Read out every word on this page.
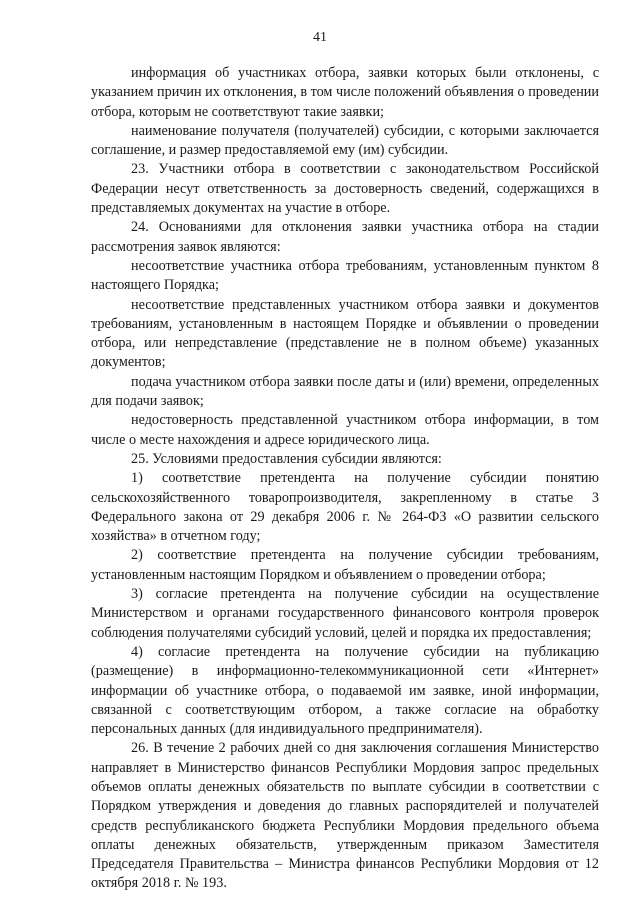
41

информация об участниках отбора, заявки которых были отклонены, с указанием причин их отклонения, в том числе положений объявления о проведении отбора, которым не соответствуют такие заявки;

наименование получателя (получателей) субсидии, с которыми заключается соглашение, и размер предоставляемой ему (им) субсидии.

23. Участники отбора в соответствии с законодательством Российской Федерации несут ответственность за достоверность сведений, содержащихся в представляемых документах на участие в отборе.

24. Основаниями для отклонения заявки участника отбора на стадии рассмотрения заявок являются:

несоответствие участника отбора требованиям, установленным пунктом 8 настоящего Порядка;

несоответствие представленных участником отбора заявки и документов требованиям, установленным в настоящем Порядке и объявлении о проведении отбора, или непредставление (представление не в полном объеме) указанных документов;

подача участником отбора заявки после даты и (или) времени, определенных для подачи заявок;

недостоверность представленной участником отбора информации, в том числе о месте нахождения и адресе юридического лица.

25. Условиями предоставления субсидии являются:

1) соответствие претендента на получение субсидии понятию сельскохозяйственного товаропроизводителя, закрепленному в статье 3 Федерального закона от 29 декабря 2006 г. № 264-ФЗ «О развитии сельского хозяйства» в отчетном году;

2) соответствие претендента на получение субсидии требованиям, установленным настоящим Порядком и объявлением о проведении отбора;

3) согласие претендента на получение субсидии на осуществление Министерством и органами государственного финансового контроля проверок соблюдения получателями субсидий условий, целей и порядка их предоставления;

4) согласие претендента на получение субсидии на публикацию (размещение) в информационно-телекоммуникационной сети «Интернет» информации об участнике отбора, о подаваемой им заявке, иной информации, связанной с соответствующим отбором, а также согласие на обработку персональных данных (для индивидуального предпринимателя).

26. В течение 2 рабочих дней со дня заключения соглашения Министерство направляет в Министерство финансов Республики Мордовия запрос предельных объемов оплаты денежных обязательств по выплате субсидии в соответствии с Порядком утверждения и доведения до главных распорядителей и получателей средств республиканского бюджета Республики Мордовия предельного объема оплаты денежных обязательств, утвержденным приказом Заместителя Председателя Правительства – Министра финансов Республики Мордовия от 12 октября 2018 г. № 193.
